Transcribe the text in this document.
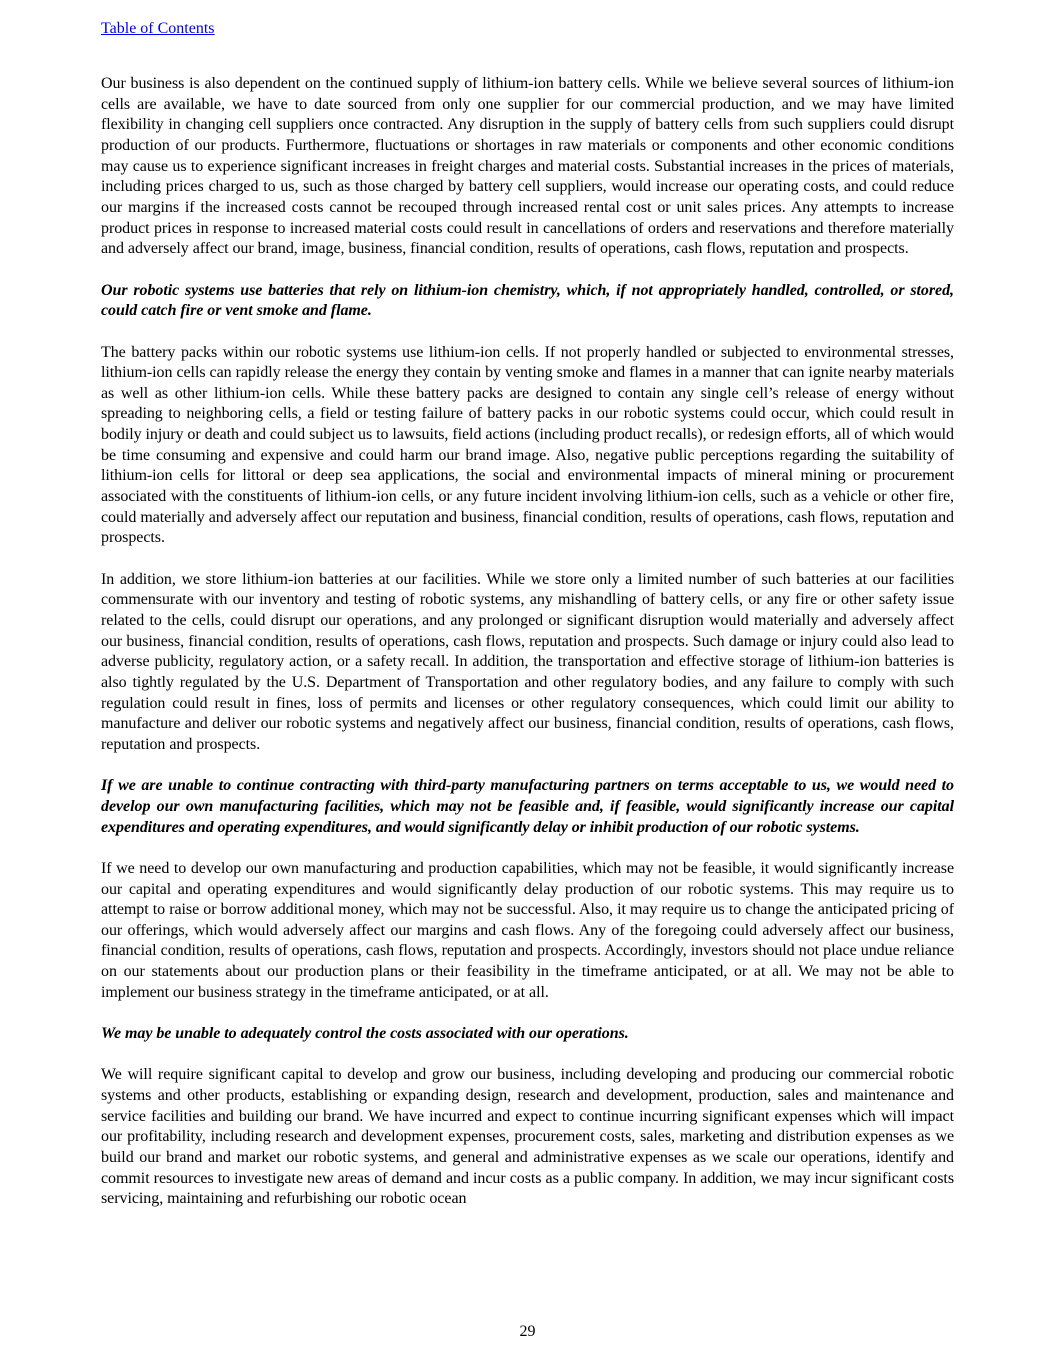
Table of Contents

Our business is also dependent on the continued supply of lithium-ion battery cells. While we believe several sources of lithium-ion cells are available, we have to date sourced from only one supplier for our commercial production, and we may have limited flexibility in changing cell suppliers once contracted. Any disruption in the supply of battery cells from such suppliers could disrupt production of our products. Furthermore, fluctuations or shortages in raw materials or components and other economic conditions may cause us to experience significant increases in freight charges and material costs. Substantial increases in the prices of materials, including prices charged to us, such as those charged by battery cell suppliers, would increase our operating costs, and could reduce our margins if the increased costs cannot be recouped through increased rental cost or unit sales prices. Any attempts to increase product prices in response to increased material costs could result in cancellations of orders and reservations and therefore materially and adversely affect our brand, image, business, financial condition, results of operations, cash flows, reputation and prospects.

Our robotic systems use batteries that rely on lithium-ion chemistry, which, if not appropriately handled, controlled, or stored, could catch fire or vent smoke and flame.

The battery packs within our robotic systems use lithium-ion cells. If not properly handled or subjected to environmental stresses, lithium-ion cells can rapidly release the energy they contain by venting smoke and flames in a manner that can ignite nearby materials as well as other lithium-ion cells. While these battery packs are designed to contain any single cell’s release of energy without spreading to neighboring cells, a field or testing failure of battery packs in our robotic systems could occur, which could result in bodily injury or death and could subject us to lawsuits, field actions (including product recalls), or redesign efforts, all of which would be time consuming and expensive and could harm our brand image. Also, negative public perceptions regarding the suitability of lithium-ion cells for littoral or deep sea applications, the social and environmental impacts of mineral mining or procurement associated with the constituents of lithium-ion cells, or any future incident involving lithium-ion cells, such as a vehicle or other fire, could materially and adversely affect our reputation and business, financial condition, results of operations, cash flows, reputation and prospects.

In addition, we store lithium-ion batteries at our facilities. While we store only a limited number of such batteries at our facilities commensurate with our inventory and testing of robotic systems, any mishandling of battery cells, or any fire or other safety issue related to the cells, could disrupt our operations, and any prolonged or significant disruption would materially and adversely affect our business, financial condition, results of operations, cash flows, reputation and prospects. Such damage or injury could also lead to adverse publicity, regulatory action, or a safety recall. In addition, the transportation and effective storage of lithium-ion batteries is also tightly regulated by the U.S. Department of Transportation and other regulatory bodies, and any failure to comply with such regulation could result in fines, loss of permits and licenses or other regulatory consequences, which could limit our ability to manufacture and deliver our robotic systems and negatively affect our business, financial condition, results of operations, cash flows, reputation and prospects.

If we are unable to continue contracting with third-party manufacturing partners on terms acceptable to us, we would need to develop our own manufacturing facilities, which may not be feasible and, if feasible, would significantly increase our capital expenditures and operating expenditures, and would significantly delay or inhibit production of our robotic systems.

If we need to develop our own manufacturing and production capabilities, which may not be feasible, it would significantly increase our capital and operating expenditures and would significantly delay production of our robotic systems. This may require us to attempt to raise or borrow additional money, which may not be successful. Also, it may require us to change the anticipated pricing of our offerings, which would adversely affect our margins and cash flows. Any of the foregoing could adversely affect our business, financial condition, results of operations, cash flows, reputation and prospects. Accordingly, investors should not place undue reliance on our statements about our production plans or their feasibility in the timeframe anticipated, or at all. We may not be able to implement our business strategy in the timeframe anticipated, or at all.

We may be unable to adequately control the costs associated with our operations.

We will require significant capital to develop and grow our business, including developing and producing our commercial robotic systems and other products, establishing or expanding design, research and development, production, sales and maintenance and service facilities and building our brand. We have incurred and expect to continue incurring significant expenses which will impact our profitability, including research and development expenses, procurement costs, sales, marketing and distribution expenses as we build our brand and market our robotic systems, and general and administrative expenses as we scale our operations, identify and commit resources to investigate new areas of demand and incur costs as a public company. In addition, we may incur significant costs servicing, maintaining and refurbishing our robotic ocean

29
